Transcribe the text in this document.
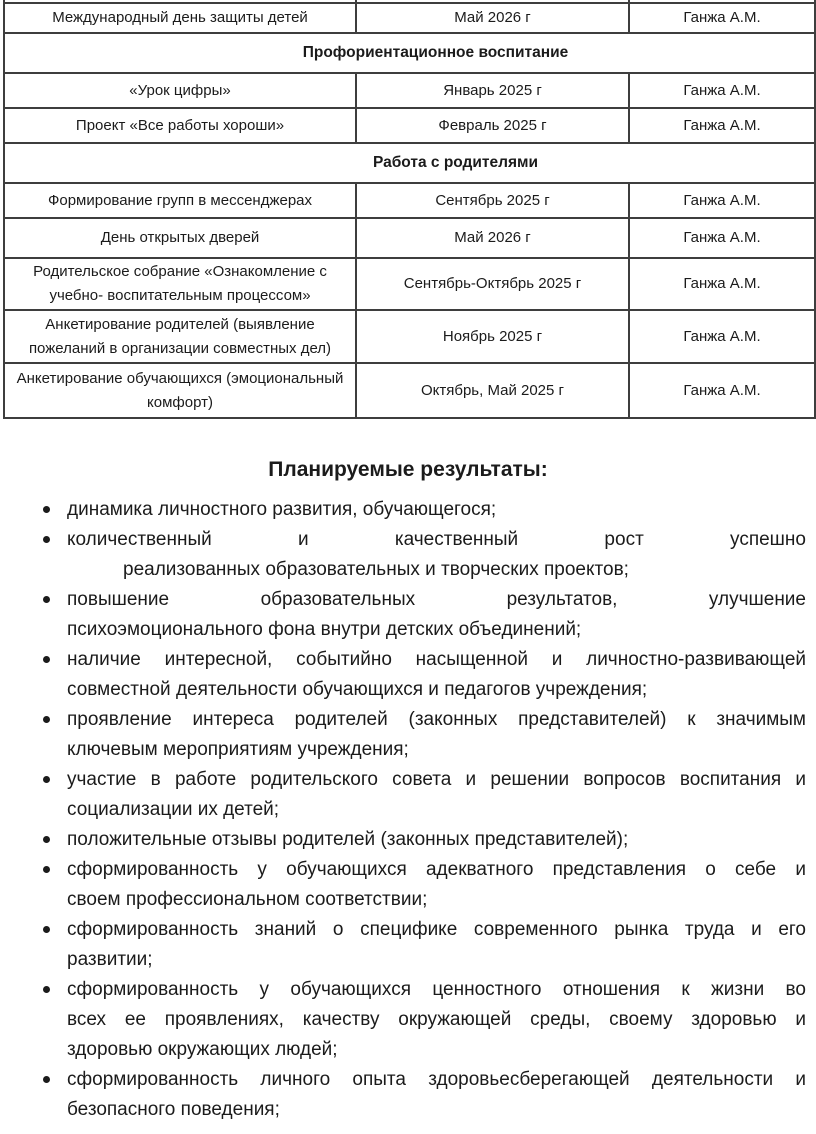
Международный день защиты детей	Май 2026 г	Ганжа А.М.
Профориентационное воспитание		
«Урок цифры»	Январь 2025 г	Ганжа А.М.
Проект «Все работы хороши»	Февраль 2025 г	Ганжа А.М.
Работа с родителями		
Формирование групп в мессенджерах	Сентябрь 2025 г	Ганжа А.М.
День открытых дверей	Май 2026 г	Ганжа А.М.
Родительское собрание «Ознакомление с учебно- воспитательным процессом»	Сентябрь-Октябрь 2025 г	Ганжа А.М.
Анкетирование родителей (выявление пожеланий в организации совместных дел)	Ноябрь 2025 г	Ганжа А.М.
Анкетирование обучающихся (эмоциональный комфорт)	Октябрь, Май 2025 г	Ганжа А.М.
Планируемые результаты:
динамика личностного развития, обучающегося;
количественный и качественный рост успешно
реализованных образовательных и творческих проектов;
повышение образовательных результатов, улучшение
психоэмоционального фона внутри детских объединений;
наличие интересной, событийно насыщенной и личностно-развивающей
совместной деятельности обучающихся и педагогов учреждения;
проявление интереса родителей (законных представителей) к значимым
ключевым мероприятиям учреждения;
участие в работе родительского совета и решении вопросов воспитания и
социализации их детей;
положительные отзывы родителей (законных представителей);
сформированность у обучающихся адекватного представления о себе и
своем профессиональном соответствии;
сформированность знаний о специфике современного рынка труда и его
развитии;
сформированность у обучающихся ценностного отношения к жизни во
всех ее проявлениях, качеству окружающей среды, своему здоровью и
здоровью окружающих людей;
сформированность личного опыта здоровьесберегающей деятельности и
безопасного поведения;
